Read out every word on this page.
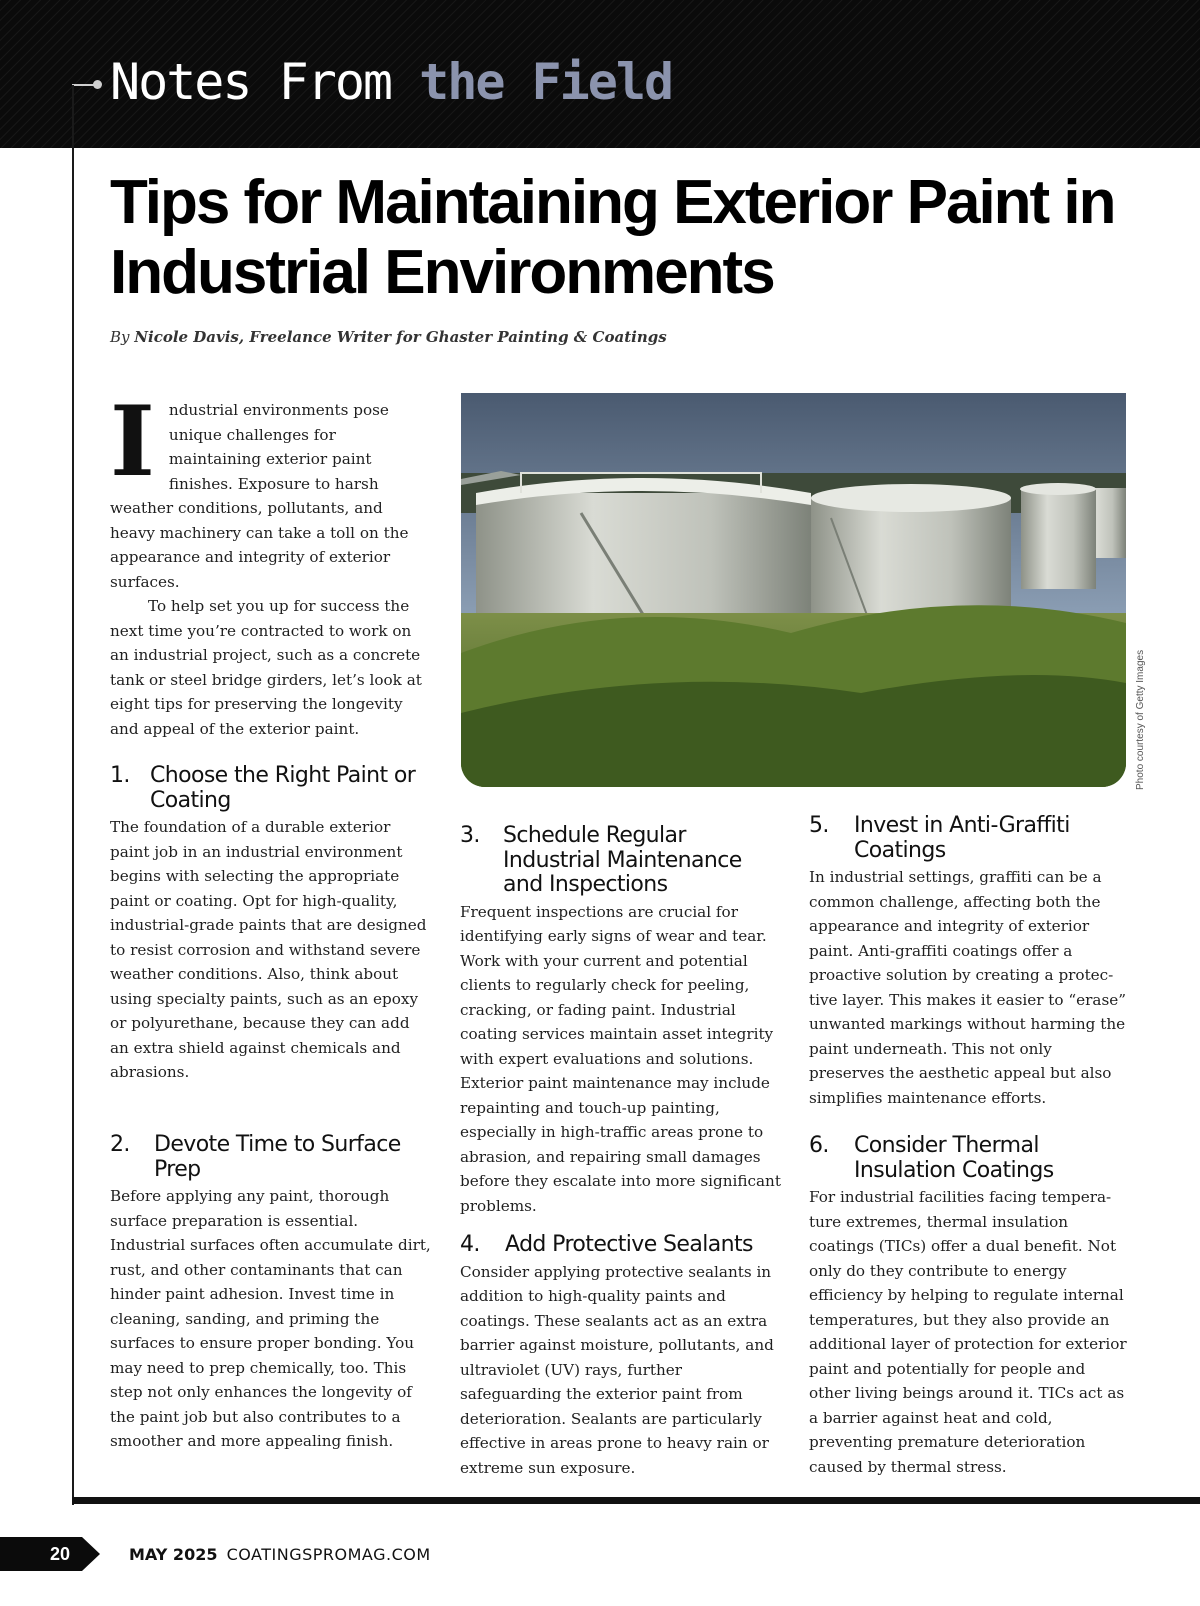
Notes From the Field
Tips for Maintaining Exterior Paint in Industrial Environments

By Nicole Davis, Freelance Writer for Ghaster Painting & Coatings

Industrial environments pose unique challenges for maintaining exterior paint finishes. Exposure to harsh weather conditions, pollutants, and heavy machinery can take a toll on the appearance and integrity of exterior surfaces.

To help set you up for success the next time you’re contracted to work on an industrial project, such as a concrete tank or steel bridge girders, let’s look at eight tips for preserving the longevity and appeal of the exterior paint.

1. Choose the Right Paint or Coating

The foundation of a durable exterior paint job in an industrial environment begins with selecting the appropriate paint or coating. Opt for high-quality, industrial-grade paints that are designed to resist corrosion and withstand severe weather conditions. Also, think about using specialty paints, such as an epoxy or polyurethane, because they can add an extra shield against chemicals and abrasions.

2.	Devote Time to Surface Prep

Before applying any paint, thorough surface preparation is essential. Industrial surfaces often accumulate dirt, rust, and other contaminants that can hinder paint adhesion. Invest time in cleaning, sanding, and priming the surfaces to ensure proper bonding. You may need to prep chemically, too. This step not only enhances the longevity of the paint job but also contributes to a smoother and more appealing finish.

Photo courtesy of Getty Images
3.	Schedule Regular Industrial Maintenance and Inspections

Frequent inspections are crucial for identifying early signs of wear and tear. Work with your current and potential clients to regularly check for peeling, cracking, or fading paint. Industrial coating services maintain asset integrity with expert evaluations and solutions. Exterior paint maintenance may include repainting and touch-up painting, especially in high-traffic areas prone to abrasion, and repairing small damages before they escalate into more significant problems.

4.	Add Protective Sealants

Consider applying protective sealants in addition to high-quality paints and coatings. These sealants act as an extra barrier against moisture, pollutants, and ultraviolet (UV) rays, further safeguarding the exterior paint from deterioration. Sealants are particularly effective in areas prone to heavy rain or extreme sun exposure.

5.	Invest in Anti-Graffiti Coatings

In industrial settings, graffiti can be a common challenge, affecting both the appearance and integrity of exterior paint. Anti-graffiti coatings offer a proactive solution by creating a protective layer. This makes it easier to “erase” unwanted markings without harming the paint underneath. This not only preserves the aesthetic appeal but also simplifies maintenance efforts.

6.	Consider Thermal Insulation Coatings

For industrial facilities facing temperature extremes, thermal insulation coatings (TICs) offer a dual benefit. Not only do they contribute to energy efficiency by helping to regulate internal temperatures, but they also provide an additional layer of protection for exterior paint and potentially for people and other living beings around it. TICs act as a barrier against heat and cold, preventing premature deterioration caused by thermal stress.

20	MAY 2025 COATINGSPROMAG.COM
